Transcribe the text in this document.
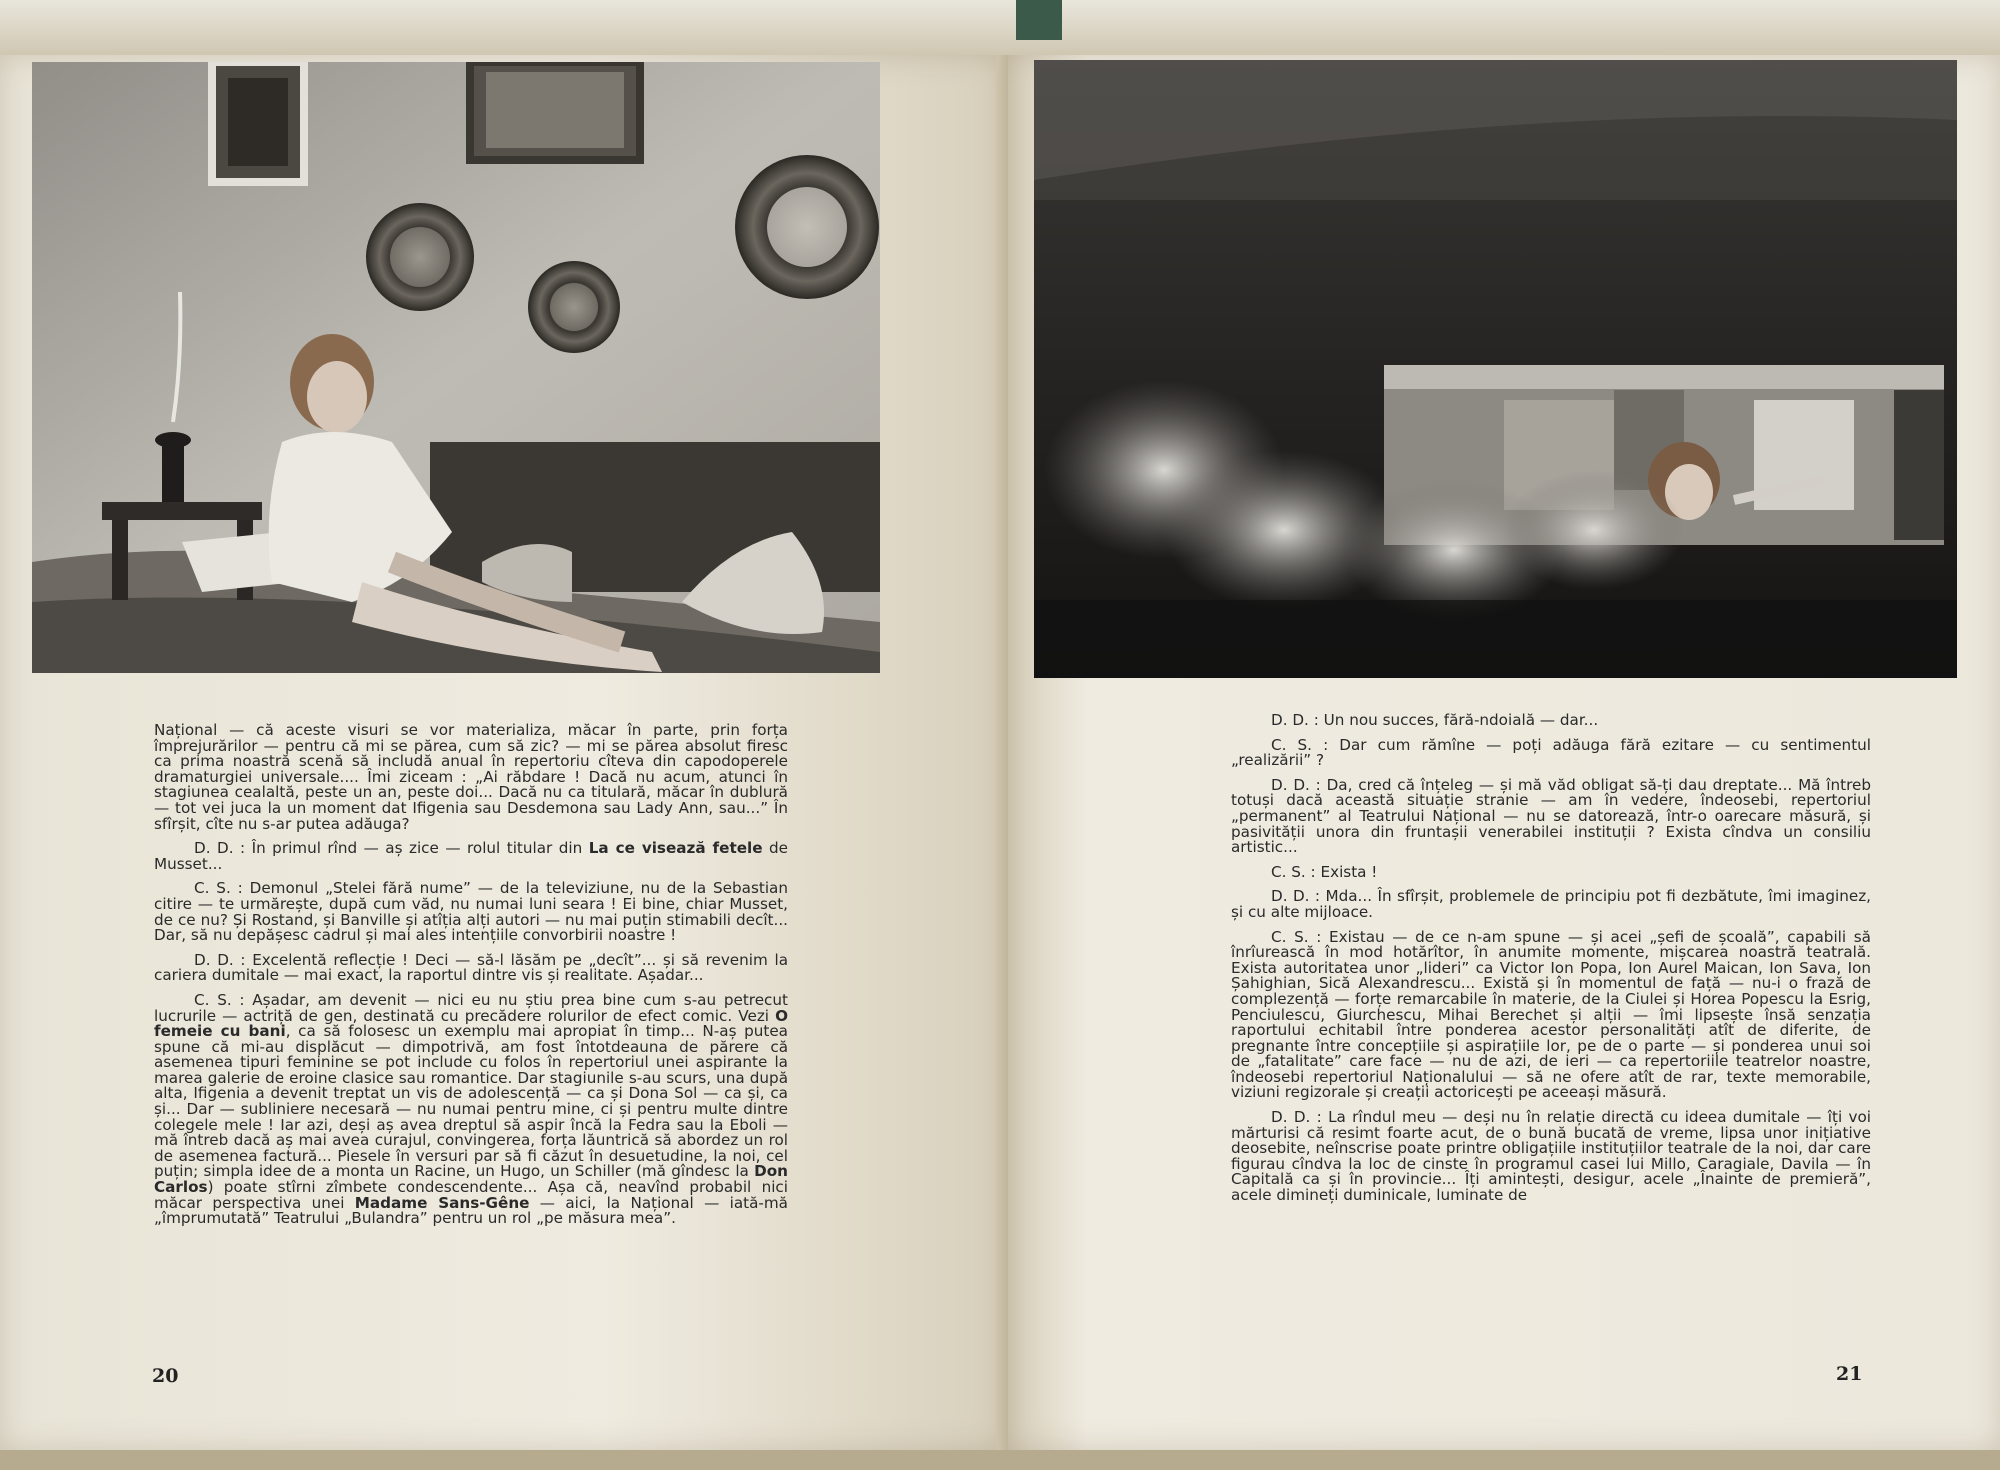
Național — că aceste visuri se vor materializa, măcar în parte, prin forța împrejurărilor — pentru că mi se părea, cum să zic? — mi se părea absolut firesc ca prima noastră scenă să includă anual în repertoriu cîteva din capodoperele dramaturgiei universale.... Îmi ziceam : „Ai răbdare ! Dacă nu acum, atunci în stagiunea cealaltă, peste un an, peste doi... Dacă nu ca titulară, măcar în dublură — tot vei juca la un moment dat Ifigenia sau Desdemona sau Lady Ann, sau...” În sfîrșit, cîte nu s-ar putea adăuga?

D. D. : În primul rînd — aș zice — rolul titular din La ce visează fetele de Musset...

C. S. : Demonul „Stelei fără nume” — de la televiziune, nu de la Sebastian citire — te urmărește, după cum văd, nu numai luni seara ! Ei bine, chiar Musset, de ce nu? Și Rostand, și Banville și atîția alți autori — nu mai puțin stimabili decît... Dar, să nu depășesc cadrul și mai ales intențiile convorbirii noastre !

D. D. : Excelentă reflecție ! Deci — să-l lăsăm pe „decît”... și să revenim la cariera dumitale — mai exact, la raportul dintre vis și realitate. Așadar...

C. S. : Așadar, am devenit — nici eu nu știu prea bine cum s-au petrecut lucrurile — actriță de gen, destinată cu precădere rolurilor de efect comic. Vezi O femeie cu bani, ca să folosesc un exemplu mai apropiat în timp... N-aș putea spune că mi-au displăcut — dimpotrivă, am fost întotdeauna de părere că asemenea tipuri feminine se pot include cu folos în repertoriul unei aspirante la marea galerie de eroine clasice sau romantice. Dar stagiunile s-au scurs, una după alta, Ifigenia a devenit treptat un vis de adolescență — ca și Dona Sol — ca și, ca și... Dar — subliniere necesară — nu numai pentru mine, ci și pentru multe dintre colegele mele ! Iar azi, deși aș avea dreptul să aspir încă la Fedra sau la Eboli — mă întreb dacă aș mai avea curajul, convingerea, forța lăuntrică să abordez un rol de asemenea factură... Piesele în versuri par să fi căzut în desuetudine, la noi, cel puțin; simpla idee de a monta un Racine, un Hugo, un Schiller (mă gîndesc la Don Carlos) poate stîrni zîmbete condescendente... Așa că, neavînd probabil nici măcar perspectiva unei Madame Sans-Gêne — aici, la Național — iată-mă „împrumutată” Teatrului „Bulandra” pentru un rol „pe măsura mea”.

20

D. D. : Un nou succes, fără-ndoială — dar...

C. S. : Dar cum rămîne — poți adăuga fără ezitare — cu sentimentul „realizării” ?

D. D. : Da, cred că înțeleg — și mă văd obligat să-ți dau dreptate... Mă întreb totuși dacă această situație stranie — am în vedere, îndeosebi, repertoriul „permanent” al Teatrului Național — nu se datorează, într-o oarecare măsură, și pasivității unora din fruntașii venerabilei instituții ? Exista cîndva un consiliu artistic...

C. S. : Exista !

D. D. : Mda... În sfîrșit, problemele de principiu pot fi dezbătute, îmi imaginez, și cu alte mijloace.

C. S. : Existau — de ce n-am spune — și acei „șefi de școală”, capabili să înrîurească în mod hotărîtor, în anumite momente, mișcarea noastră teatrală. Exista autoritatea unor „lideri” ca Victor Ion Popa, Ion Aurel Maican, Ion Sava, Ion Șahighian, Sică Alexandrescu... Există și în momentul de față — nu-i o frază de complezență — forțe remarcabile în materie, de la Ciulei și Horea Popescu la Esrig, Penciulescu, Giurchescu, Mihai Berechet și alții — îmi lipsește însă senzația raportului echitabil între ponderea acestor personalități atît de diferite, de pregnante între concepțiile și aspirațiile lor, pe de o parte — și ponderea unui soi de „fatalitate” care face — nu de azi, de ieri — ca repertoriile teatrelor noastre, îndeosebi repertoriul Naționalului — să ne ofere atît de rar, texte memorabile, viziuni regizorale și creații actoricești pe aceeași măsură.

D. D. : La rîndul meu — deși nu în relație directă cu ideea dumitale — îți voi mărturisi că resimt foarte acut, de o bună bucată de vreme, lipsa unor inițiative deosebite, neînscrise poate printre obligațiile instituțiilor teatrale de la noi, dar care figurau cîndva la loc de cinste în programul casei lui Millo, Caragiale, Davila — în Capitală ca și în provincie... Îți amintești, desigur, acele „Înainte de premieră”, acele dimineți duminicale, luminate de

21
